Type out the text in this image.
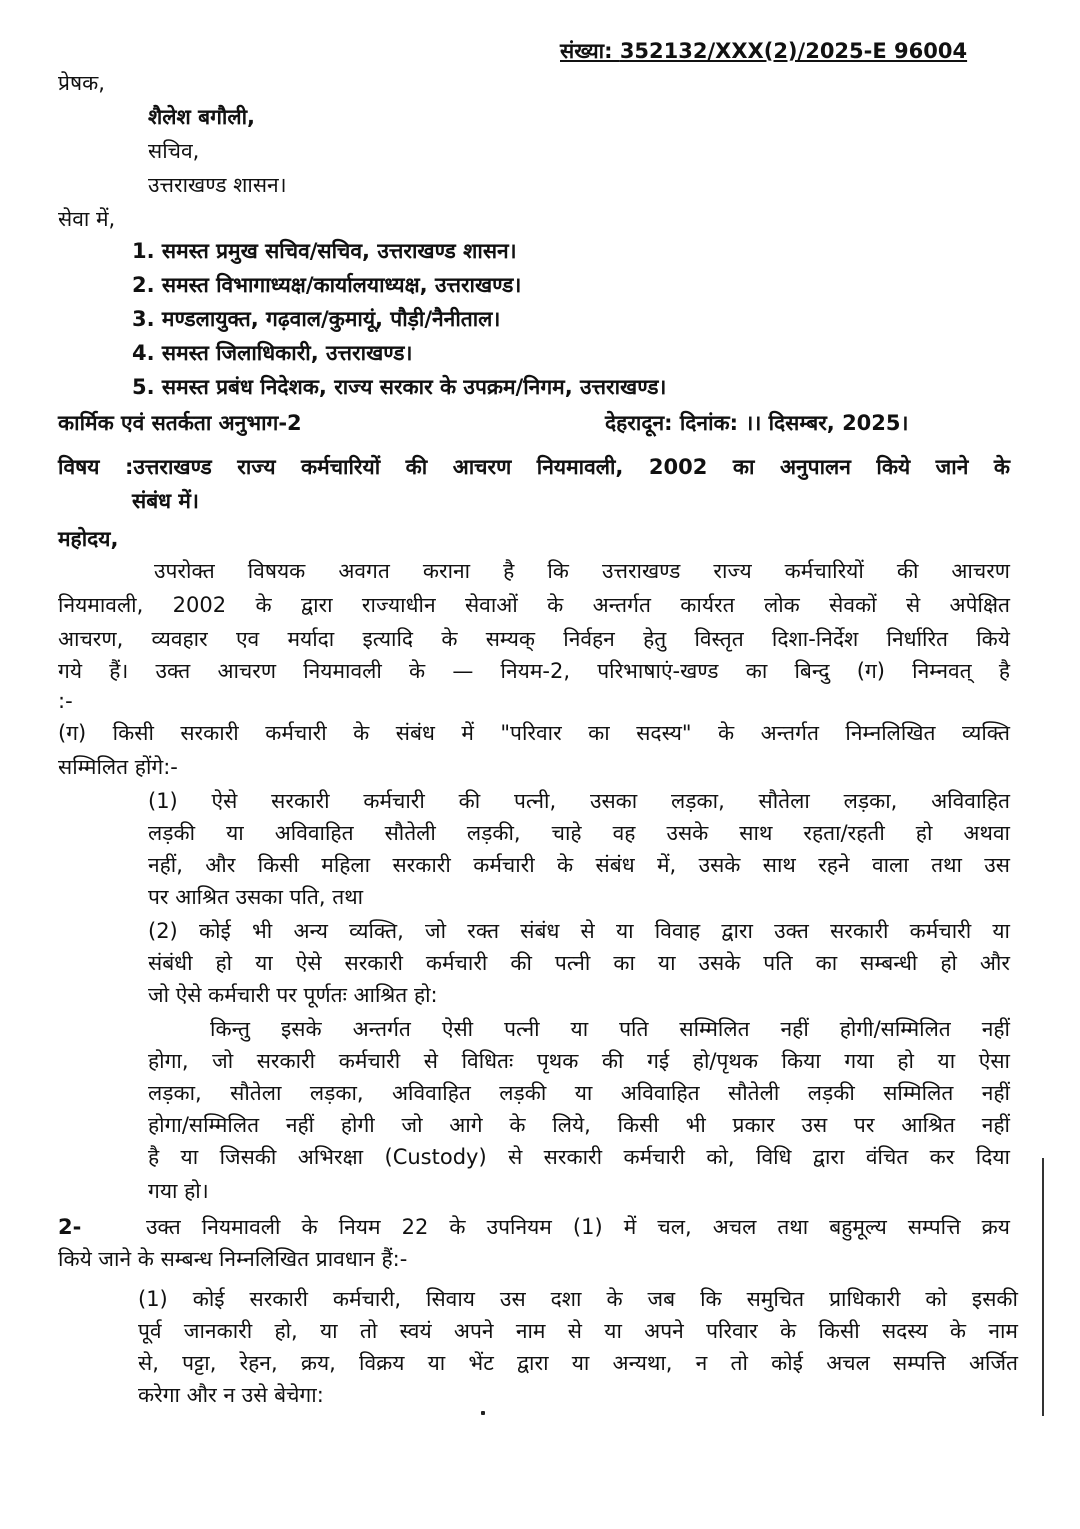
संख्या: 352132/XXX(2)/2025-E 96004
प्रेषक,
शैलेश बगौली,
सचिव,
उत्तराखण्ड शासन।
सेवा में,
1. समस्त प्रमुख सचिव/सचिव, उत्तराखण्ड शासन।
2. समस्त विभागाध्यक्ष/कार्यालयाध्यक्ष, उत्तराखण्ड।
3. मण्डलायुक्त, गढ़वाल/कुमायूं, पौड़ी/नैनीताल।
4. समस्त जिलाधिकारी, उत्तराखण्ड।
5. समस्त प्रबंध निदेशक, राज्य सरकार के उपक्रम/निगम, उत्तराखण्ड।
कार्मिक एवं सतर्कता अनुभाग-2	देहरादून: दिनांक: ।। दिसम्बर, 2025।
विषय :उत्तराखण्ड राज्य कर्मचारियों की आचरण नियमावली, 2002 का अनुपालन किये जाने के
संबंध में।
महोदय,
उपरोक्त विषयक अवगत कराना है कि उत्तराखण्ड राज्य कर्मचारियों की आचरण
नियमावली, 2002 के द्वारा राज्याधीन सेवाओं के अन्तर्गत कार्यरत लोक सेवकों से अपेक्षित
आचरण, व्यवहार एव मर्यादा इत्यादि के सम्यक् निर्वहन हेतु विस्तृत दिशा-निर्देश निर्धारित किये
गये हैं। उक्त आचरण नियमावली के — नियम-2, परिभाषाएं-खण्ड का बिन्दु (ग) निम्नवत् है
:-
(ग) किसी सरकारी कर्मचारी के संबंध में "परिवार का सदस्य" के अन्तर्गत निम्नलिखित व्यक्ति
सम्मिलित होंगे:-
(1) ऐसे सरकारी कर्मचारी की पत्नी, उसका लड़का, सौतेला लड़का, अविवाहित
लड़की या अविवाहित सौतेली लड़की, चाहे वह उसके साथ रहता/रहती हो अथवा
नहीं, और किसी महिला सरकारी कर्मचारी के संबंध में, उसके साथ रहने वाला तथा उस
पर आश्रित उसका पति, तथा
(2) कोई भी अन्य व्यक्ति, जो रक्त संबंध से या विवाह द्वारा उक्त सरकारी कर्मचारी या
संबंधी हो या ऐसे सरकारी कर्मचारी की पत्नी का या उसके पति का सम्बन्धी हो और
जो ऐसे कर्मचारी पर पूर्णतः आश्रित हो:
किन्तु इसके अन्तर्गत ऐसी पत्नी या पति सम्मिलित नहीं होगी/सम्मिलित नहीं
होगा, जो सरकारी कर्मचारी से विधितः पृथक की गई हो/पृथक किया गया हो या ऐसा
लड़का, सौतेला लड़का, अविवाहित लड़की या अविवाहित सौतेली लड़की सम्मिलित नहीं
होगा/सम्मिलित नहीं होगी जो आगे के लिये, किसी भी प्रकार उस पर आश्रित नहीं
है या जिसकी अभिरक्षा (Custody) से सरकारी कर्मचारी को, विधि द्वारा वंचित कर दिया
गया हो।
2-	उक्त नियमावली के नियम 22 के उपनियम (1) में चल, अचल तथा बहुमूल्य सम्पत्ति क्रय
किये जाने के सम्बन्ध निम्नलिखित प्रावधान हैं:-
(1) कोई सरकारी कर्मचारी, सिवाय उस दशा के जब कि समुचित प्राधिकारी को इसकी
पूर्व जानकारी हो, या तो स्वयं अपने नाम से या अपने परिवार के किसी सदस्य के नाम
से, पट्टा, रेहन, क्रय, विक्रय या भेंट द्वारा या अन्यथा, न तो कोई अचल सम्पत्ति अर्जित
करेगा और न उसे बेचेगा:
